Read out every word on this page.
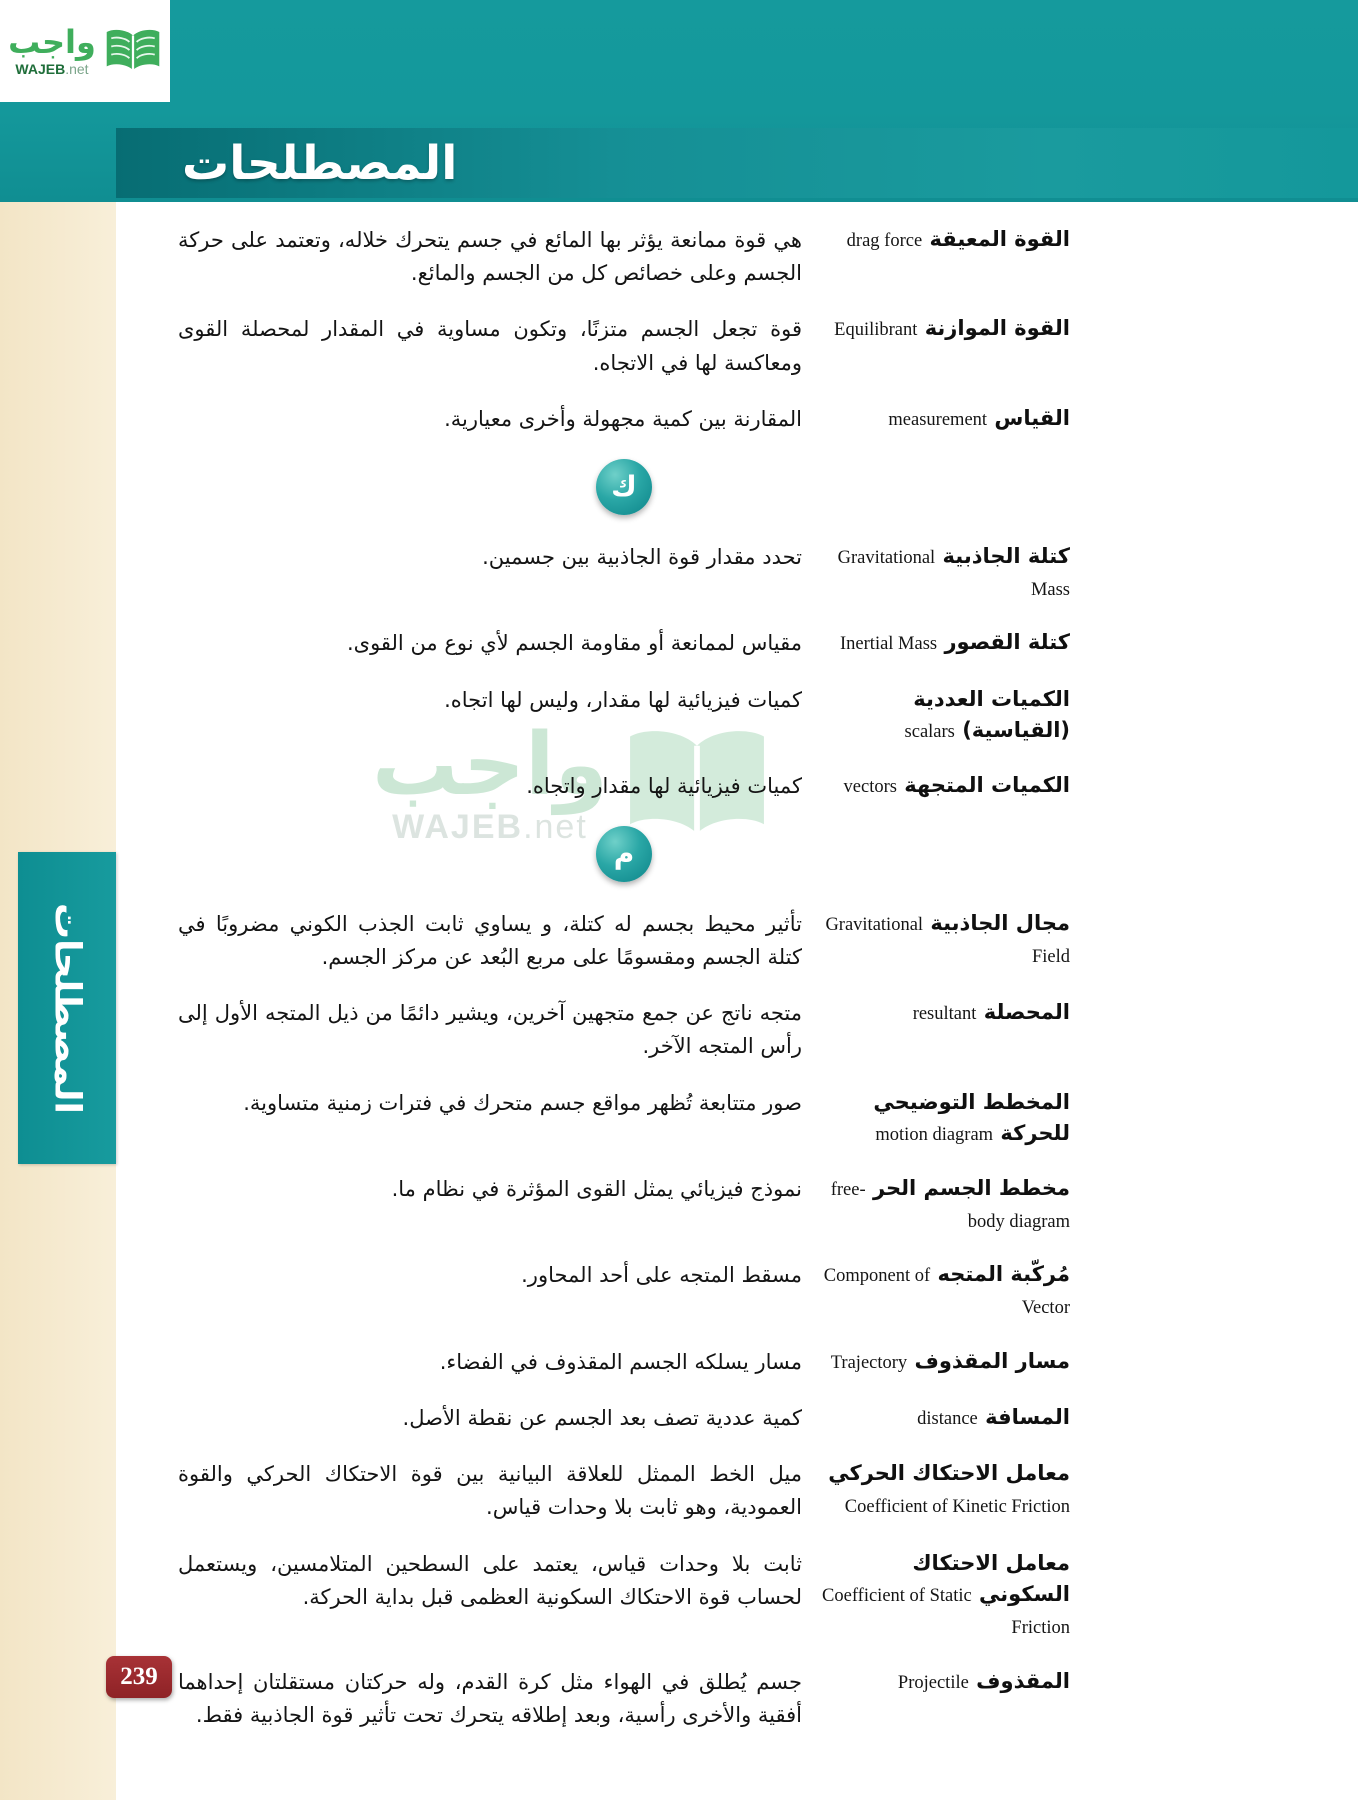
المصطلحات
واجب
WAJEB.net
المصطلحات
واجب
WAJEB.net
القوة المعيقة drag force
هي قوة ممانعة يؤثر بها المائع في جسم يتحرك خلاله، وتعتمد على حركة الجسم وعلى خصائص كل من الجسم والمائع.
القوة الموازنة Equilibrant
قوة تجعل الجسم متزنًا، وتكون مساوية في المقدار لمحصلة القوى ومعاكسة لها في الاتجاه.
القياس measurement
المقارنة بين كمية مجهولة وأخرى معيارية.
ك
كتلة الجاذبية Gravitational Mass
تحدد مقدار قوة الجاذبية بين جسمين.
كتلة القصور Inertial Mass
مقياس لممانعة أو مقاومة الجسم لأي نوع من القوى.
الكميات العددية (القياسية) scalars
كميات فيزيائية لها مقدار، وليس لها اتجاه.
الكميات المتجهة vectors
كميات فيزيائية لها مقدار واتجاه.
م
مجال الجاذبية Gravitational Field
تأثير محيط بجسم له كتلة، و يساوي ثابت الجذب الكوني مضروبًا في كتلة الجسم ومقسومًا على مربع البُعد عن مركز الجسم.
المحصلة resultant
متجه ناتج عن جمع متجهين آخرين، ويشير دائمًا من ذيل المتجه الأول إلى رأس المتجه الآخر.
المخطط التوضيحي للحركة motion diagram
صور متتابعة تُظهر مواقع جسم متحرك في فترات زمنية متساوية.
مخطط الجسم الحر free-body diagram
نموذج فيزيائي يمثل القوى المؤثرة في نظام ما.
مُركّبة المتجه Component of Vector
مسقط المتجه على أحد المحاور.
مسار المقذوف Trajectory
مسار يسلكه الجسم المقذوف في الفضاء.
المسافة distance
كمية عددية تصف بعد الجسم عن نقطة الأصل.
معامل الاحتكاك الحركي Coefficient of Kinetic Friction
ميل الخط الممثل للعلاقة البيانية بين قوة الاحتكاك الحركي والقوة العمودية، وهو ثابت بلا وحدات قياس.
معامل الاحتكاك السكوني Coefficient of Static Friction
ثابت بلا وحدات قياس، يعتمد على السطحين المتلامسين، ويستعمل لحساب قوة الاحتكاك السكونية العظمى قبل بداية الحركة.
المقذوف Projectile
جسم يُطلق في الهواء مثل كرة القدم، وله حركتان مستقلتان إحداهما أفقية والأخرى رأسية، وبعد إطلاقه يتحرك تحت تأثير قوة الجاذبية فقط.
239
